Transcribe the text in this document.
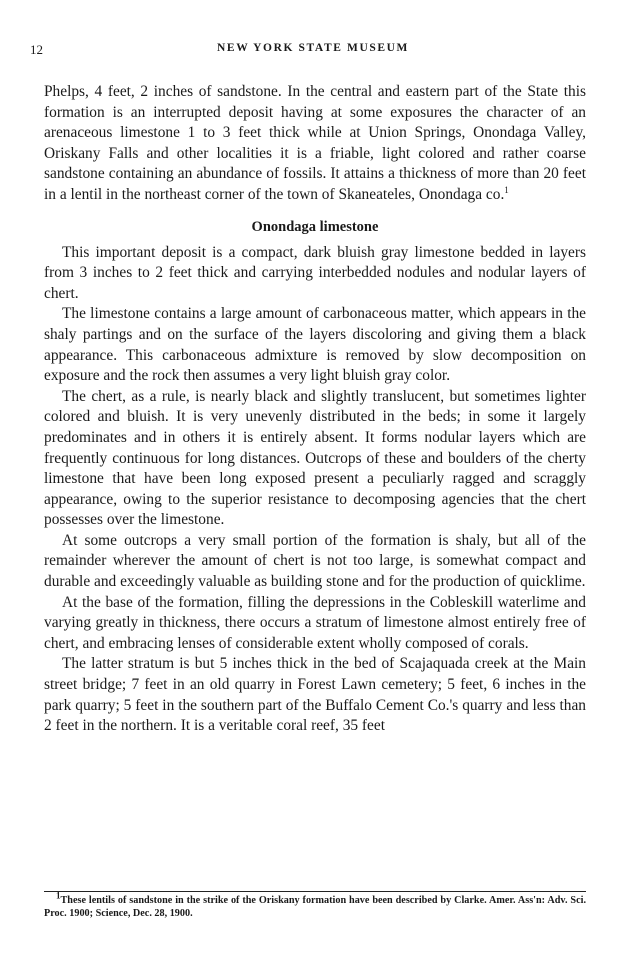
12	NEW YORK STATE MUSEUM

Phelps, 4 feet, 2 inches of sandstone. In the central and eastern part of the State this formation is an interrupted deposit having at some exposures the character of an arenaceous limestone 1 to 3 feet thick while at Union Springs, Onondaga Valley, Oriskany Falls and other localities it is a friable, light colored and rather coarse sandstone containing an abundance of fossils. It attains a thickness of more than 20 feet in a lentil in the northeast corner of the town of Skaneateles, Onondaga co.$^1$

Onondaga limestone

This important deposit is a compact, dark bluish gray limestone bedded in layers from 3 inches to 2 feet thick and carrying interbedded nodules and nodular layers of chert.

The limestone contains a large amount of carbonaceous matter, which appears in the shaly partings and on the surface of the layers discoloring and giving them a black appearance. This carbonaceous admixture is removed by slow decomposition on exposure and the rock then assumes a very light bluish gray color.

The chert, as a rule, is nearly black and slightly translucent, but sometimes lighter colored and bluish. It is very unevenly distributed in the beds; in some it largely predominates and in others it is entirely absent. It forms nodular layers which are frequently continuous for long distances. Outcrops of these and boulders of the cherty limestone that have been long exposed present a peculiarly ragged and scraggly appearance, owing to the superior resistance to decomposing agencies that the chert possesses over the limestone.

At some outcrops a very small portion of the formation is shaly, but all of the remainder wherever the amount of chert is not too large, is somewhat compact and durable and exceedingly valuable as building stone and for the production of quicklime.

At the base of the formation, filling the depressions in the Cobleskill waterlime and varying greatly in thickness, there occurs a stratum of limestone almost entirely free of chert, and embracing lenses of considerable extent wholly composed of corals.

The latter stratum is but 5 inches thick in the bed of Scajaquada creek at the Main street bridge; 7 feet in an old quarry in Forest Lawn cemetery; 5 feet, 6 inches in the park quarry; 5 feet in the southern part of the Buffalo Cement Co.'s quarry and less than 2 feet in the northern. It is a veritable coral reef, 35 feet

$^1$These lentils of sandstone in the strike of the Oriskany formation have been described by Clarke. Amer. Ass'n: Adv. Sci. Proc. 1900; Science, Dec. 28, 1900.
